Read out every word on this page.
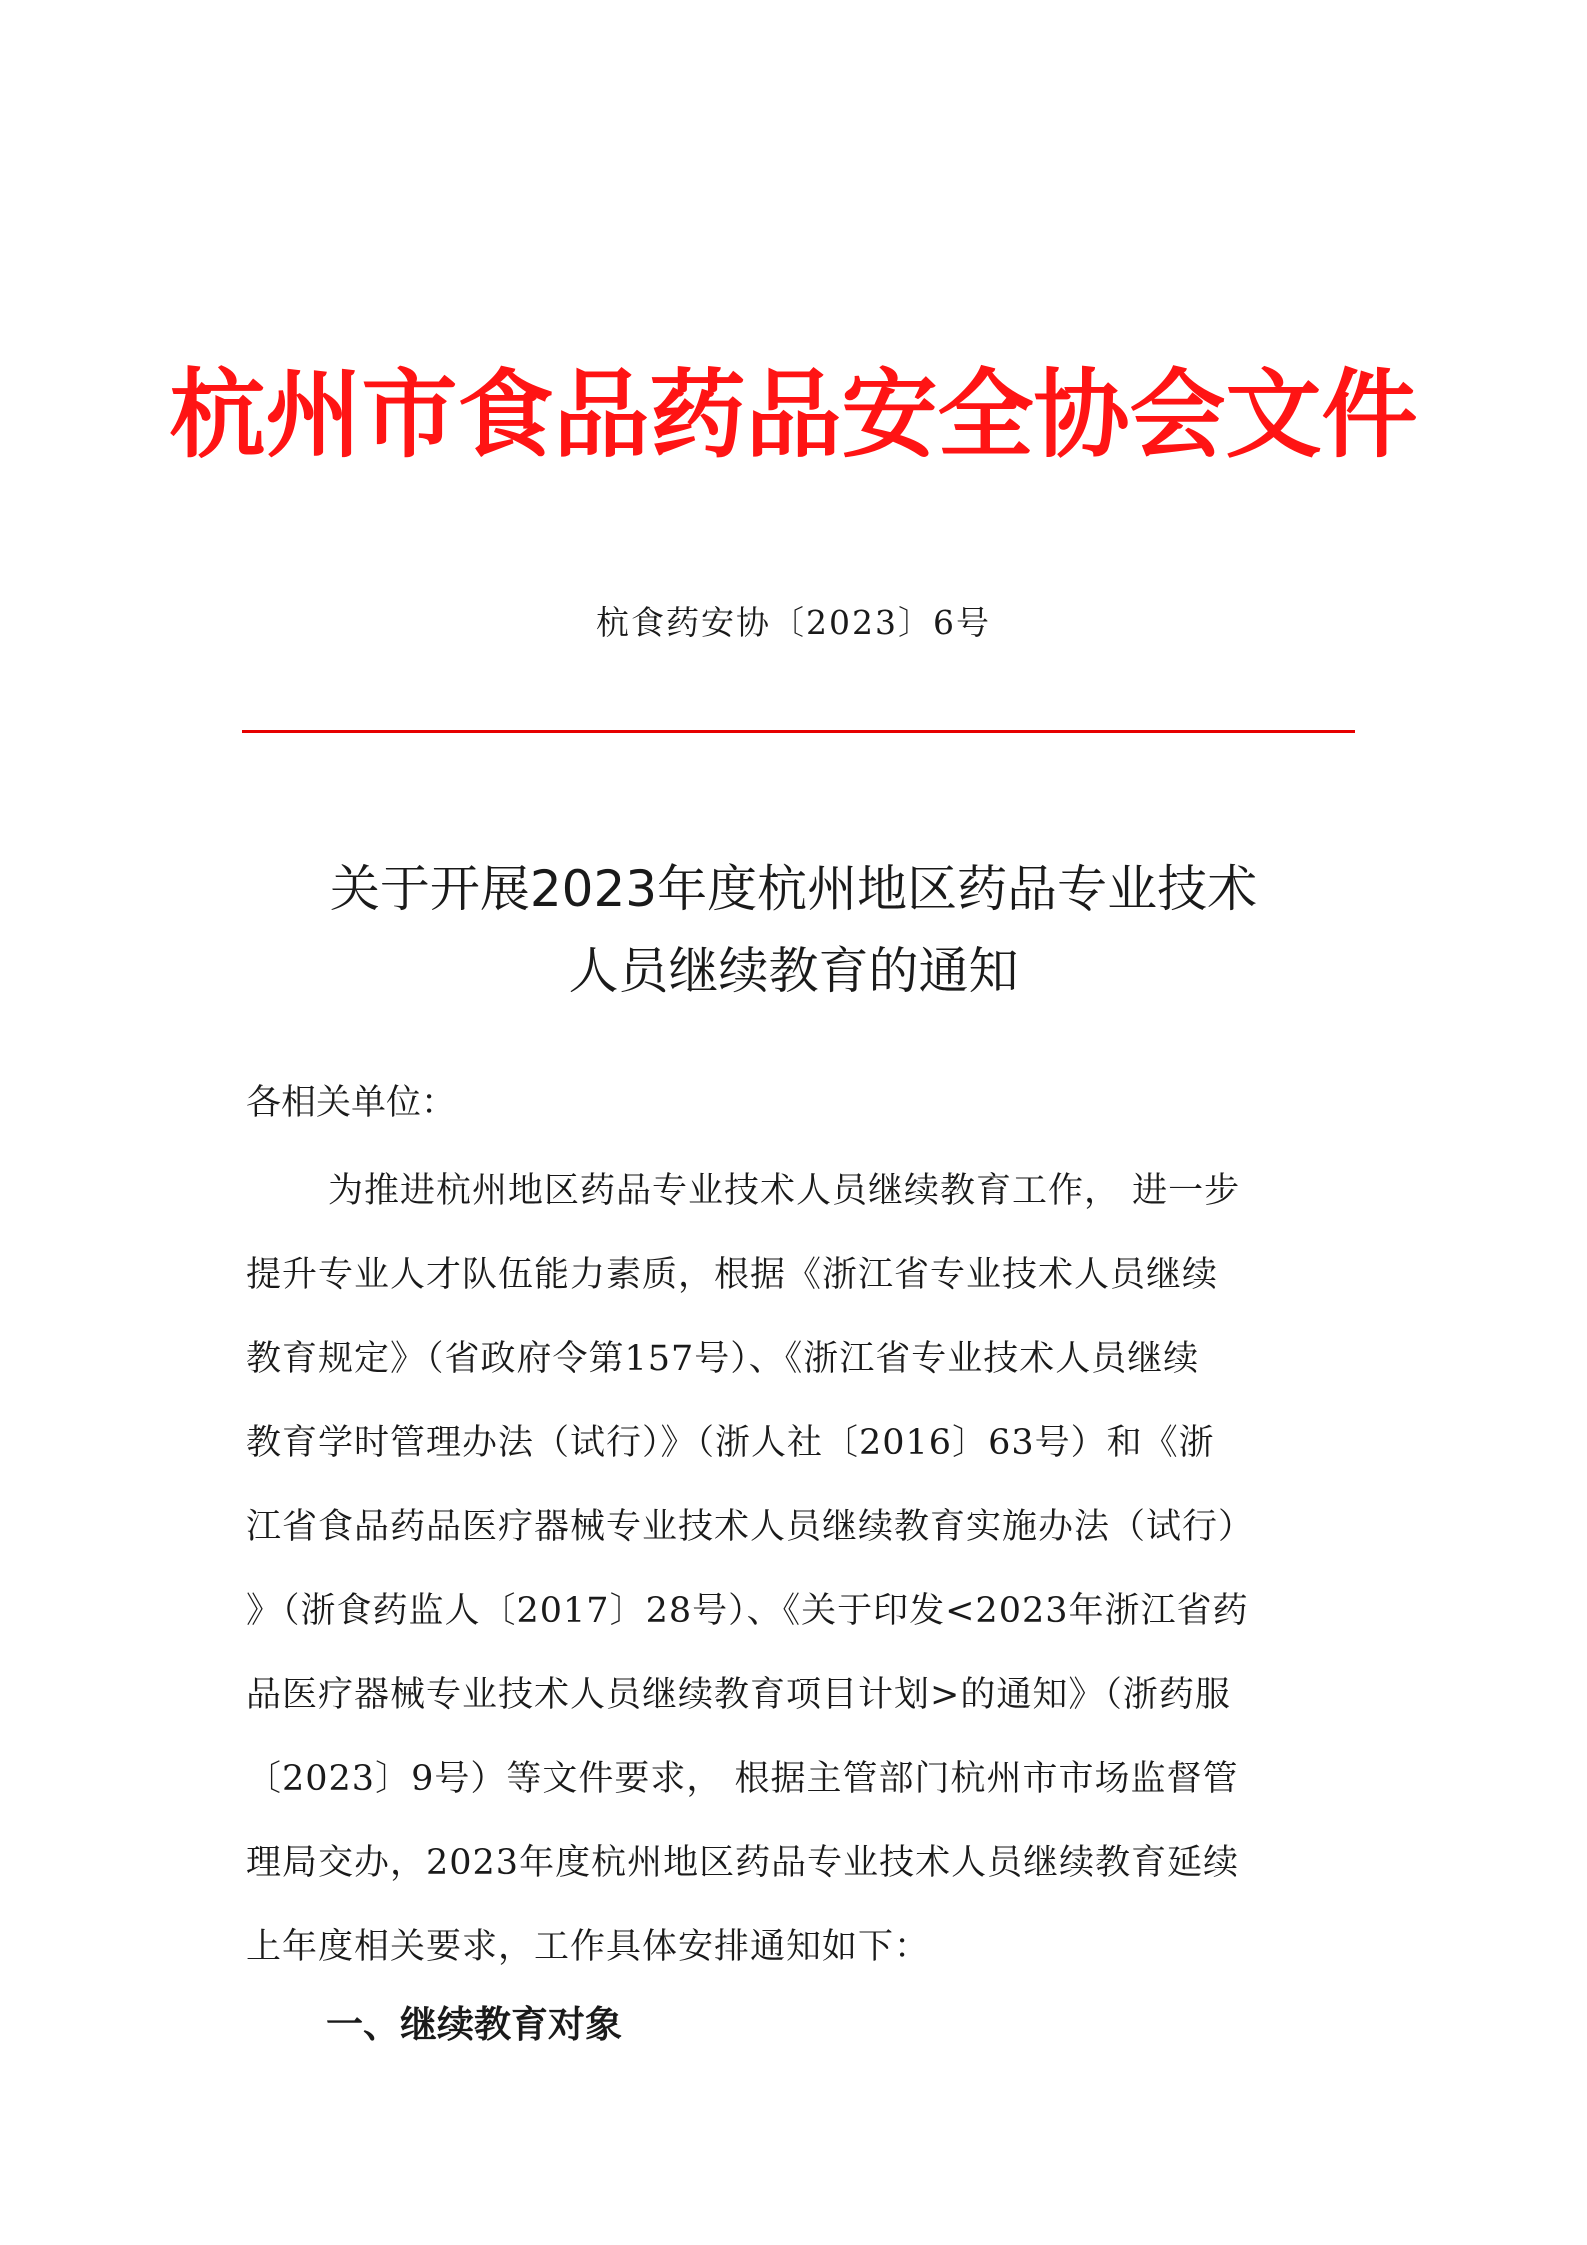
杭州市食品药品安全协会文件
杭食药安协〔2023〕6号
关于开展2023年度杭州地区药品专业技术
人员继续教育的通知
各相关单位：
为推进杭州地区药品专业技术人员继续教育工作， 进一步
提升专业人才队伍能力素质，根据《浙江省专业技术人员继续
教育规定》（省政府令第157号）、《浙江省专业技术人员继续
教育学时管理办法（试行）》（浙人社〔2016〕63号）和《浙
江省食品药品医疗器械专业技术人员继续教育实施办法（试行）
》（浙食药监人〔2017〕28号）、《关于印发<2023年浙江省药
品医疗器械专业技术人员继续教育项目计划>的通知》（浙药服
〔2023〕9号）等文件要求， 根据主管部门杭州市市场监督管
理局交办，2023年度杭州地区药品专业技术人员继续教育延续
上年度相关要求，工作具体安排通知如下：
一、继续教育对象
